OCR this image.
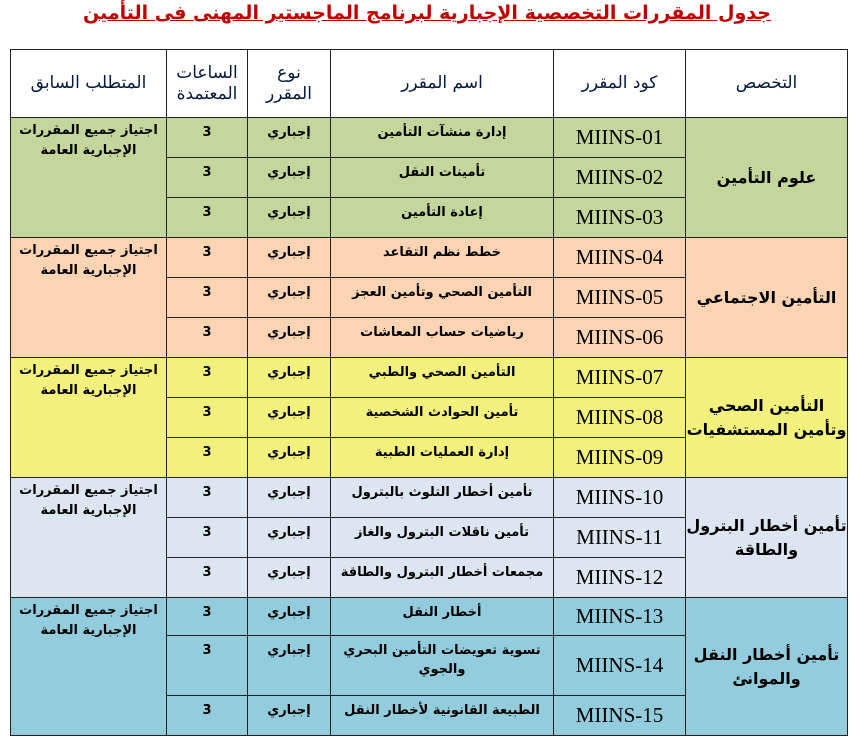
جدول المقررات التخصصية الإجبارية لبرنامج الماجستير المهنى فى التأمين
التخصص	كود المقرر	اسم المقرر	نوع المقرر	الساعات المعتمدة	المتطلب السابق
علوم التأمين	MIINS-01	إدارة منشآت التأمين	إجباري	3	اجتياز جميع المقررات الإجبارية العامة
	MIINS-02	تأمينات النقل	إجباري	3	
	MIINS-03	إعادة التأمين	إجباري	3	
التأمين الاجتماعي	MIINS-04	خطط نظم التقاعد	إجباري	3	اجتياز جميع المقررات الإجبارية العامة
	MIINS-05	التأمين الصحي وتأمين العجز	إجباري	3	
	MIINS-06	رياضيات حساب المعاشات	إجباري	3	
التأمين الصحي وتأمين المستشفيات	MIINS-07	التأمين الصحي والطبي	إجباري	3	اجتياز جميع المقررات الإجبارية العامة
	MIINS-08	تأمين الحوادث الشخصية	إجباري	3	
	MIINS-09	إدارة العمليات الطبية	إجباري	3	
تأمين أخطار البترول والطاقة	MIINS-10	تأمين أخطار التلوث بالبترول	إجباري	3	اجتياز جميع المقررات الإجبارية العامة
	MIINS-11	تأمين ناقلات البترول والغاز	إجباري	3	
	MIINS-12	مجمعات أخطار البترول والطاقة	إجباري	3	
تأمين أخطار النقل والموانئ	MIINS-13	أخطار النقل	إجباري	3	اجتياز جميع المقررات الإجبارية العامة
	MIINS-14	تسوية تعويضات التأمين البحري والجوي	إجباري	3	
	MIINS-15	الطبيعة القانونية لأخطار النقل	إجباري	3	
